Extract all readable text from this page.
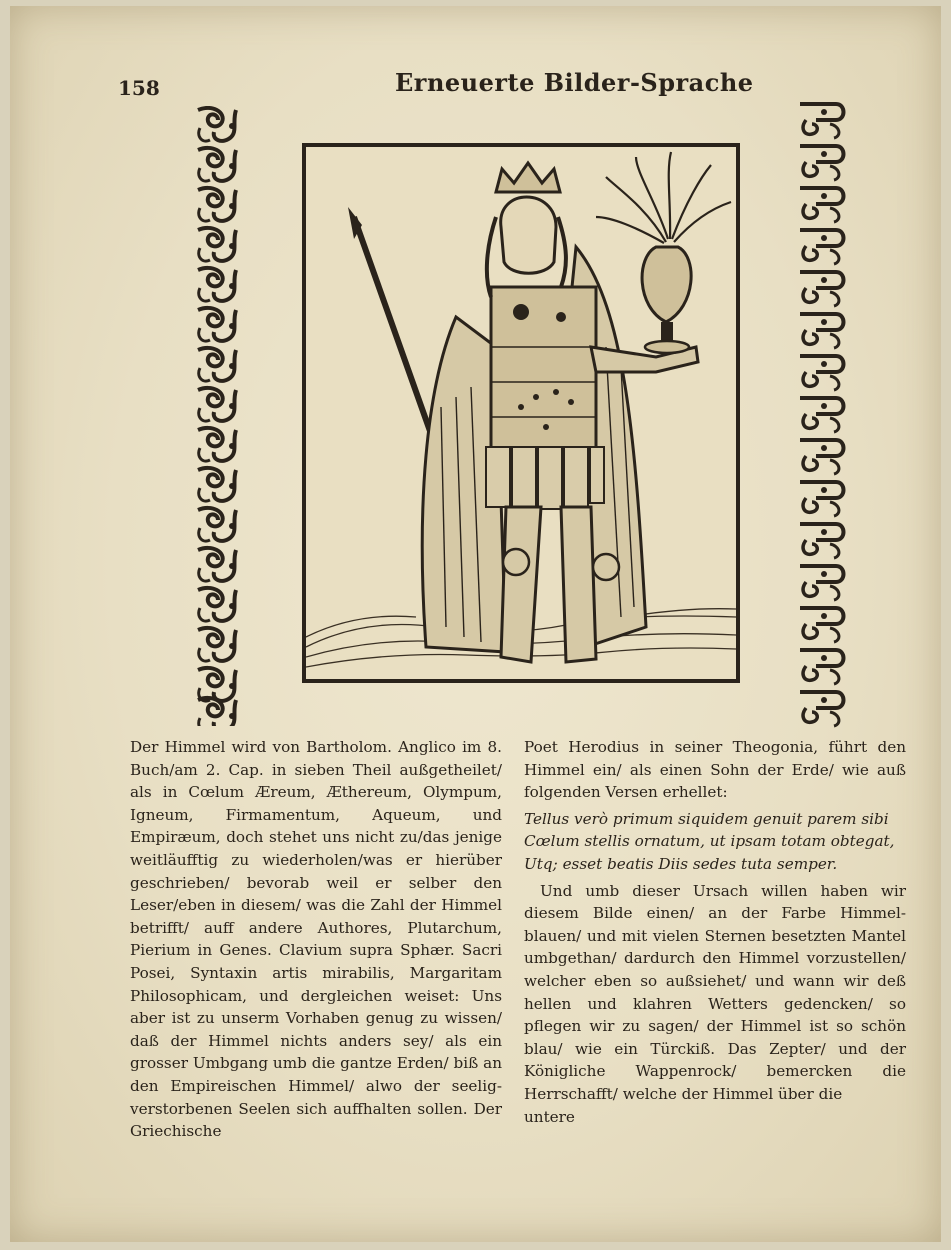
158	Erneuerte Bilder-Sprache

Der Himmel wird von Bartholom. Anglico im 8. Buch/am 2. Cap. in sieben Theil außgetheilet/ als in Cœlum Æreum, Æthereum, Olympum, Igneum, Firmamentum, Aqueum, und Empiræum, doch stehet uns nicht zu/das jenige weitläufftig zu wiederholen/was er hierüber geschrieben/ bevorab weil er selber den Leser/eben in diesem/ was die Zahl der Himmel betrifft/ auff andere Authores, Plutarchum, Pierium in Genes. Clavium supra Sphær. Sacri Posei, Syntaxin artis mirabilis, Margaritam Philosophicam, und dergleichen weiset: Uns aber ist zu unserm Vorhaben genug zu wissen/ daß der Himmel nichts anders sey/ als ein grosser Umbgang umb die gantze Erden/ biß an den Empireischen Himmel/ alwo der seelig-verstorbenen Seelen sich auffhalten sollen. Der Griechische

Poet Herodius in seiner Theogonia, führt den Himmel ein/ als einen Sohn der Erde/ wie auß folgenden Versen erhellet:

Tellus verò primum siquidem genuit parem sibi
Cœlum stellis ornatum, ut ipsam totam obtegat,
Utq; esset beatis Diis sedes tuta semper.

Und umb dieser Ursach willen haben wir diesem Bilde einen/ an der Farbe Himmel-blauen/ und mit vielen Sternen besetzten Mantel umbgethan/ dardurch den Himmel vorzustellen/ welcher eben so außsiehet/ und wann wir deß hellen und klahren Wetters gedencken/ so pflegen wir zu sagen/ der Himmel ist so schön blau/ wie ein Türckiß. Das Zepter/ und der Königliche Wappenrock/ bemercken die Herrschafft/ welche der Himmel über die

untere
